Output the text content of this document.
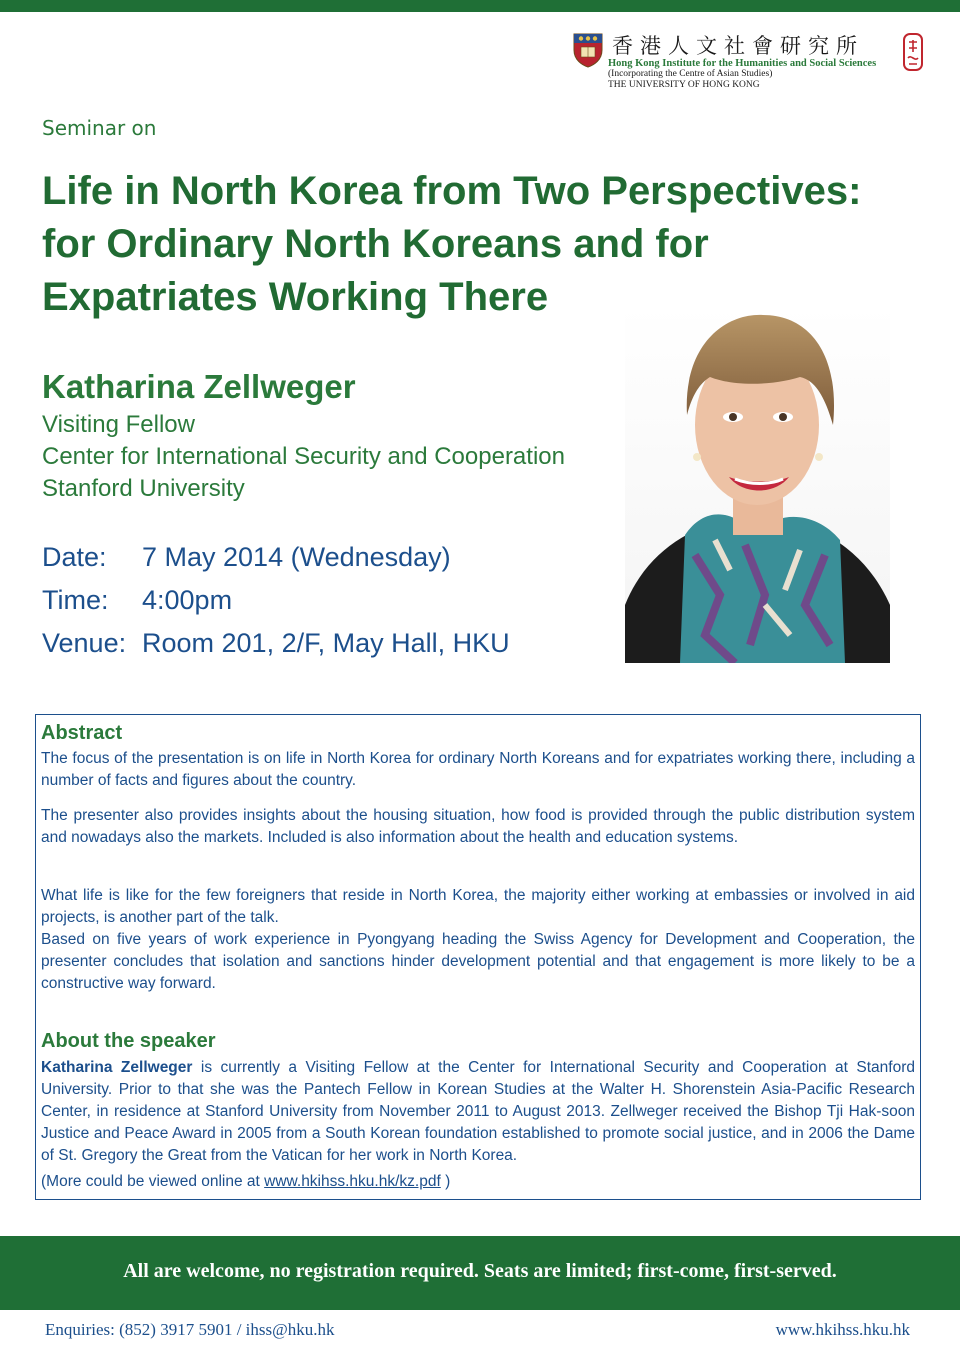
香港人文社會研究所
Hong Kong Institute for the Humanities and Social Sciences
(Incorporating the Centre of Asian Studies)
THE UNIVERSITY OF HONG KONG
Seminar on
Life in North Korea from Two Perspectives:
for Ordinary North Koreans and for
Expatriates Working There
Katharina Zellweger
Visiting Fellow
Center for International Security and Cooperation
Stanford University
Date: 7 May 2014 (Wednesday)
Time: 4:00pm
Venue: Room 201, 2/F, May Hall, HKU
Abstract
The focus of the presentation is on life in North Korea for ordinary North Koreans and for expatriates working there, including a number of facts and figures about the country.
The presenter also provides insights about the housing situation, how food is provided through the public distribution system and nowadays also the markets. Included is also information about the health and education systems.
What life is like for the few foreigners that reside in North Korea, the majority either working at embassies or involved in aid projects, is another part of the talk.
Based on five years of work experience in Pyongyang heading the Swiss Agency for Development and Cooperation, the presenter concludes that isolation and sanctions hinder development potential and that engagement is more likely to be a constructive way forward.
About the speaker
Katharina Zellweger is currently a Visiting Fellow at the Center for International Security and Cooperation at Stanford University. Prior to that she was the Pantech Fellow in Korean Studies at the Walter H. Shorenstein Asia-Pacific Research Center, in residence at Stanford University from November 2011 to August 2013. Zellweger received the Bishop Tji Hak-soon Justice and Peace Award in 2005 from a South Korean foundation established to promote social justice, and in 2006 the Dame of St. Gregory the Great from the Vatican for her work in North Korea.
(More could be viewed online at www.hkihss.hku.hk/kz.pdf )
All are welcome, no registration required. Seats are limited; first-come, first-served.
Enquiries: (852) 3917 5901 / ihss@hku.hk	www.hkihss.hku.hk
